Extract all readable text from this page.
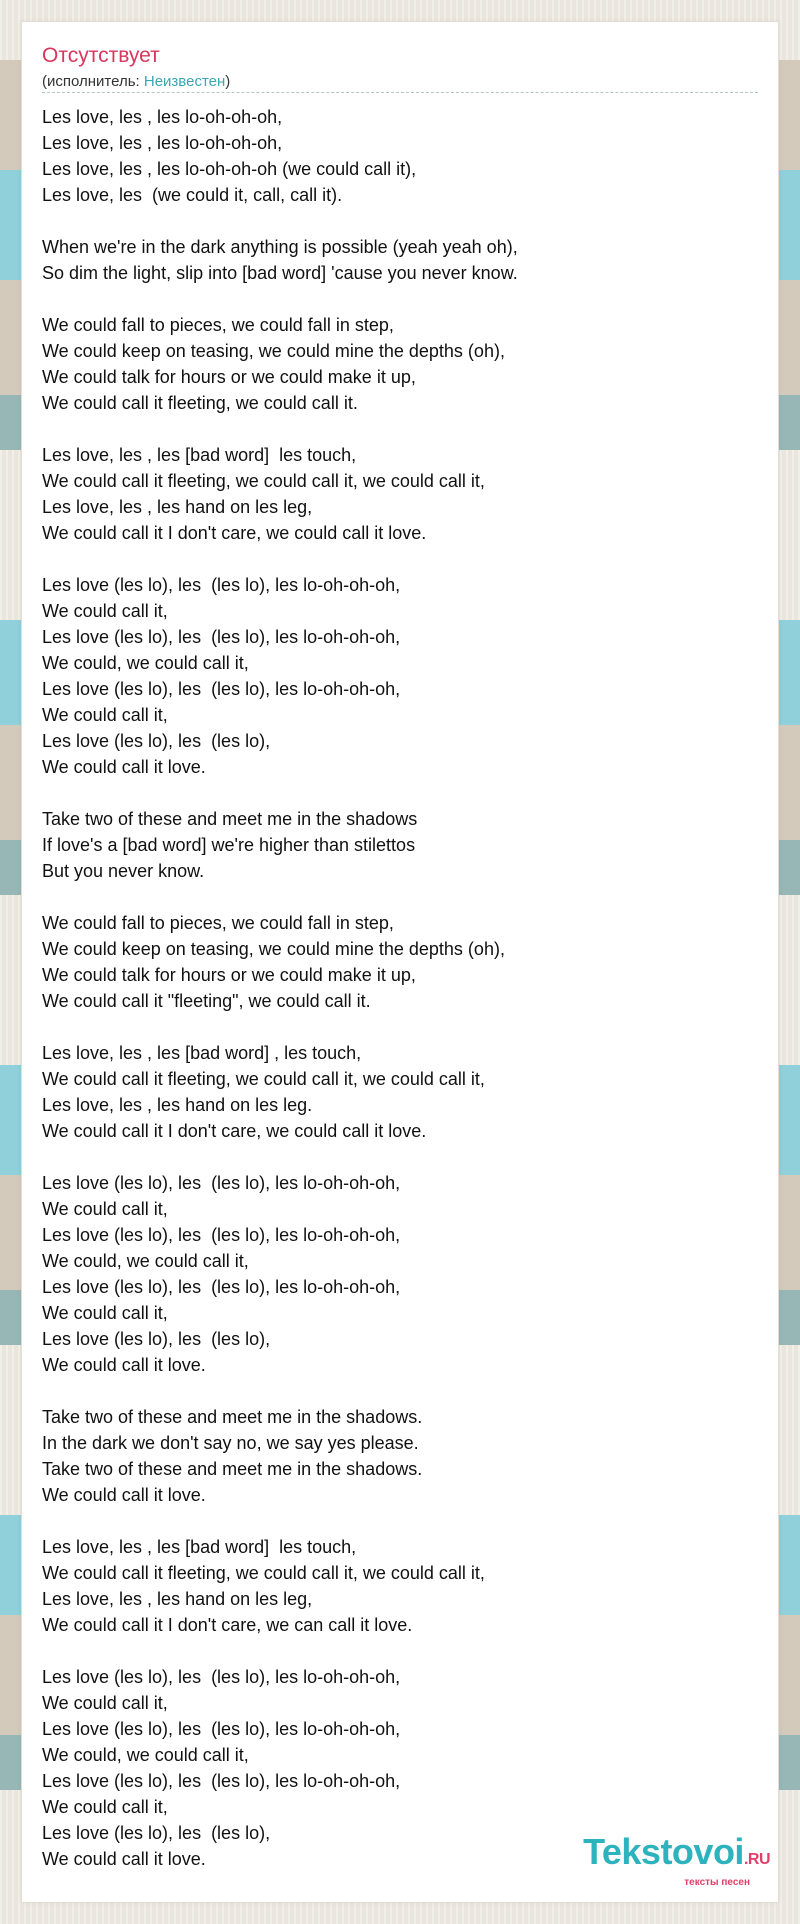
Отсутствует
(исполнитель: Неизвестен)
Les love, les , les lo-oh-oh-oh,
Les love, les , les lo-oh-oh-oh,
Les love, les , les lo-oh-oh-oh (we could call it),
Les love, les  (we could it, call, call it).

When we're in the dark anything is possible (yeah yeah oh),
So dim the light, slip into [bad word] 'cause you never know.

We could fall to pieces, we could fall in step,
We could keep on teasing, we could mine the depths (oh),
We could talk for hours or we could make it up,
We could call it fleeting, we could call it.

Les love, les , les [bad word]  les touch,
We could call it fleeting, we could call it, we could call it,
Les love, les , les hand on les leg,
We could call it I don't care, we could call it love.

Les love (les lo), les  (les lo), les lo-oh-oh-oh,
We could call it,
Les love (les lo), les  (les lo), les lo-oh-oh-oh,
We could, we could call it,
Les love (les lo), les  (les lo), les lo-oh-oh-oh,
We could call it,
Les love (les lo), les  (les lo),
We could call it love.

Take two of these and meet me in the shadows
If love's a [bad word] we're higher than stilettos
But you never know.

We could fall to pieces, we could fall in step,
We could keep on teasing, we could mine the depths (oh),
We could talk for hours or we could make it up,
We could call it "fleeting", we could call it.

Les love, les , les [bad word] , les touch,
We could call it fleeting, we could call it, we could call it,
Les love, les , les hand on les leg.
We could call it I don't care, we could call it love.

Les love (les lo), les  (les lo), les lo-oh-oh-oh,
We could call it,
Les love (les lo), les  (les lo), les lo-oh-oh-oh,
We could, we could call it,
Les love (les lo), les  (les lo), les lo-oh-oh-oh,
We could call it,
Les love (les lo), les  (les lo),
We could call it love.

Take two of these and meet me in the shadows.
In the dark we don't say no, we say yes please.
Take two of these and meet me in the shadows.
We could call it love.

Les love, les , les [bad word]  les touch,
We could call it fleeting, we could call it, we could call it,
Les love, les , les hand on les leg,
We could call it I don't care, we can call it love.

Les love (les lo), les  (les lo), les lo-oh-oh-oh,
We could call it,
Les love (les lo), les  (les lo), les lo-oh-oh-oh,
We could, we could call it,
Les love (les lo), les  (les lo), les lo-oh-oh-oh,
We could call it,
Les love (les lo), les  (les lo),
We could call it love.	Tekstovoi.RU
тексты песен
